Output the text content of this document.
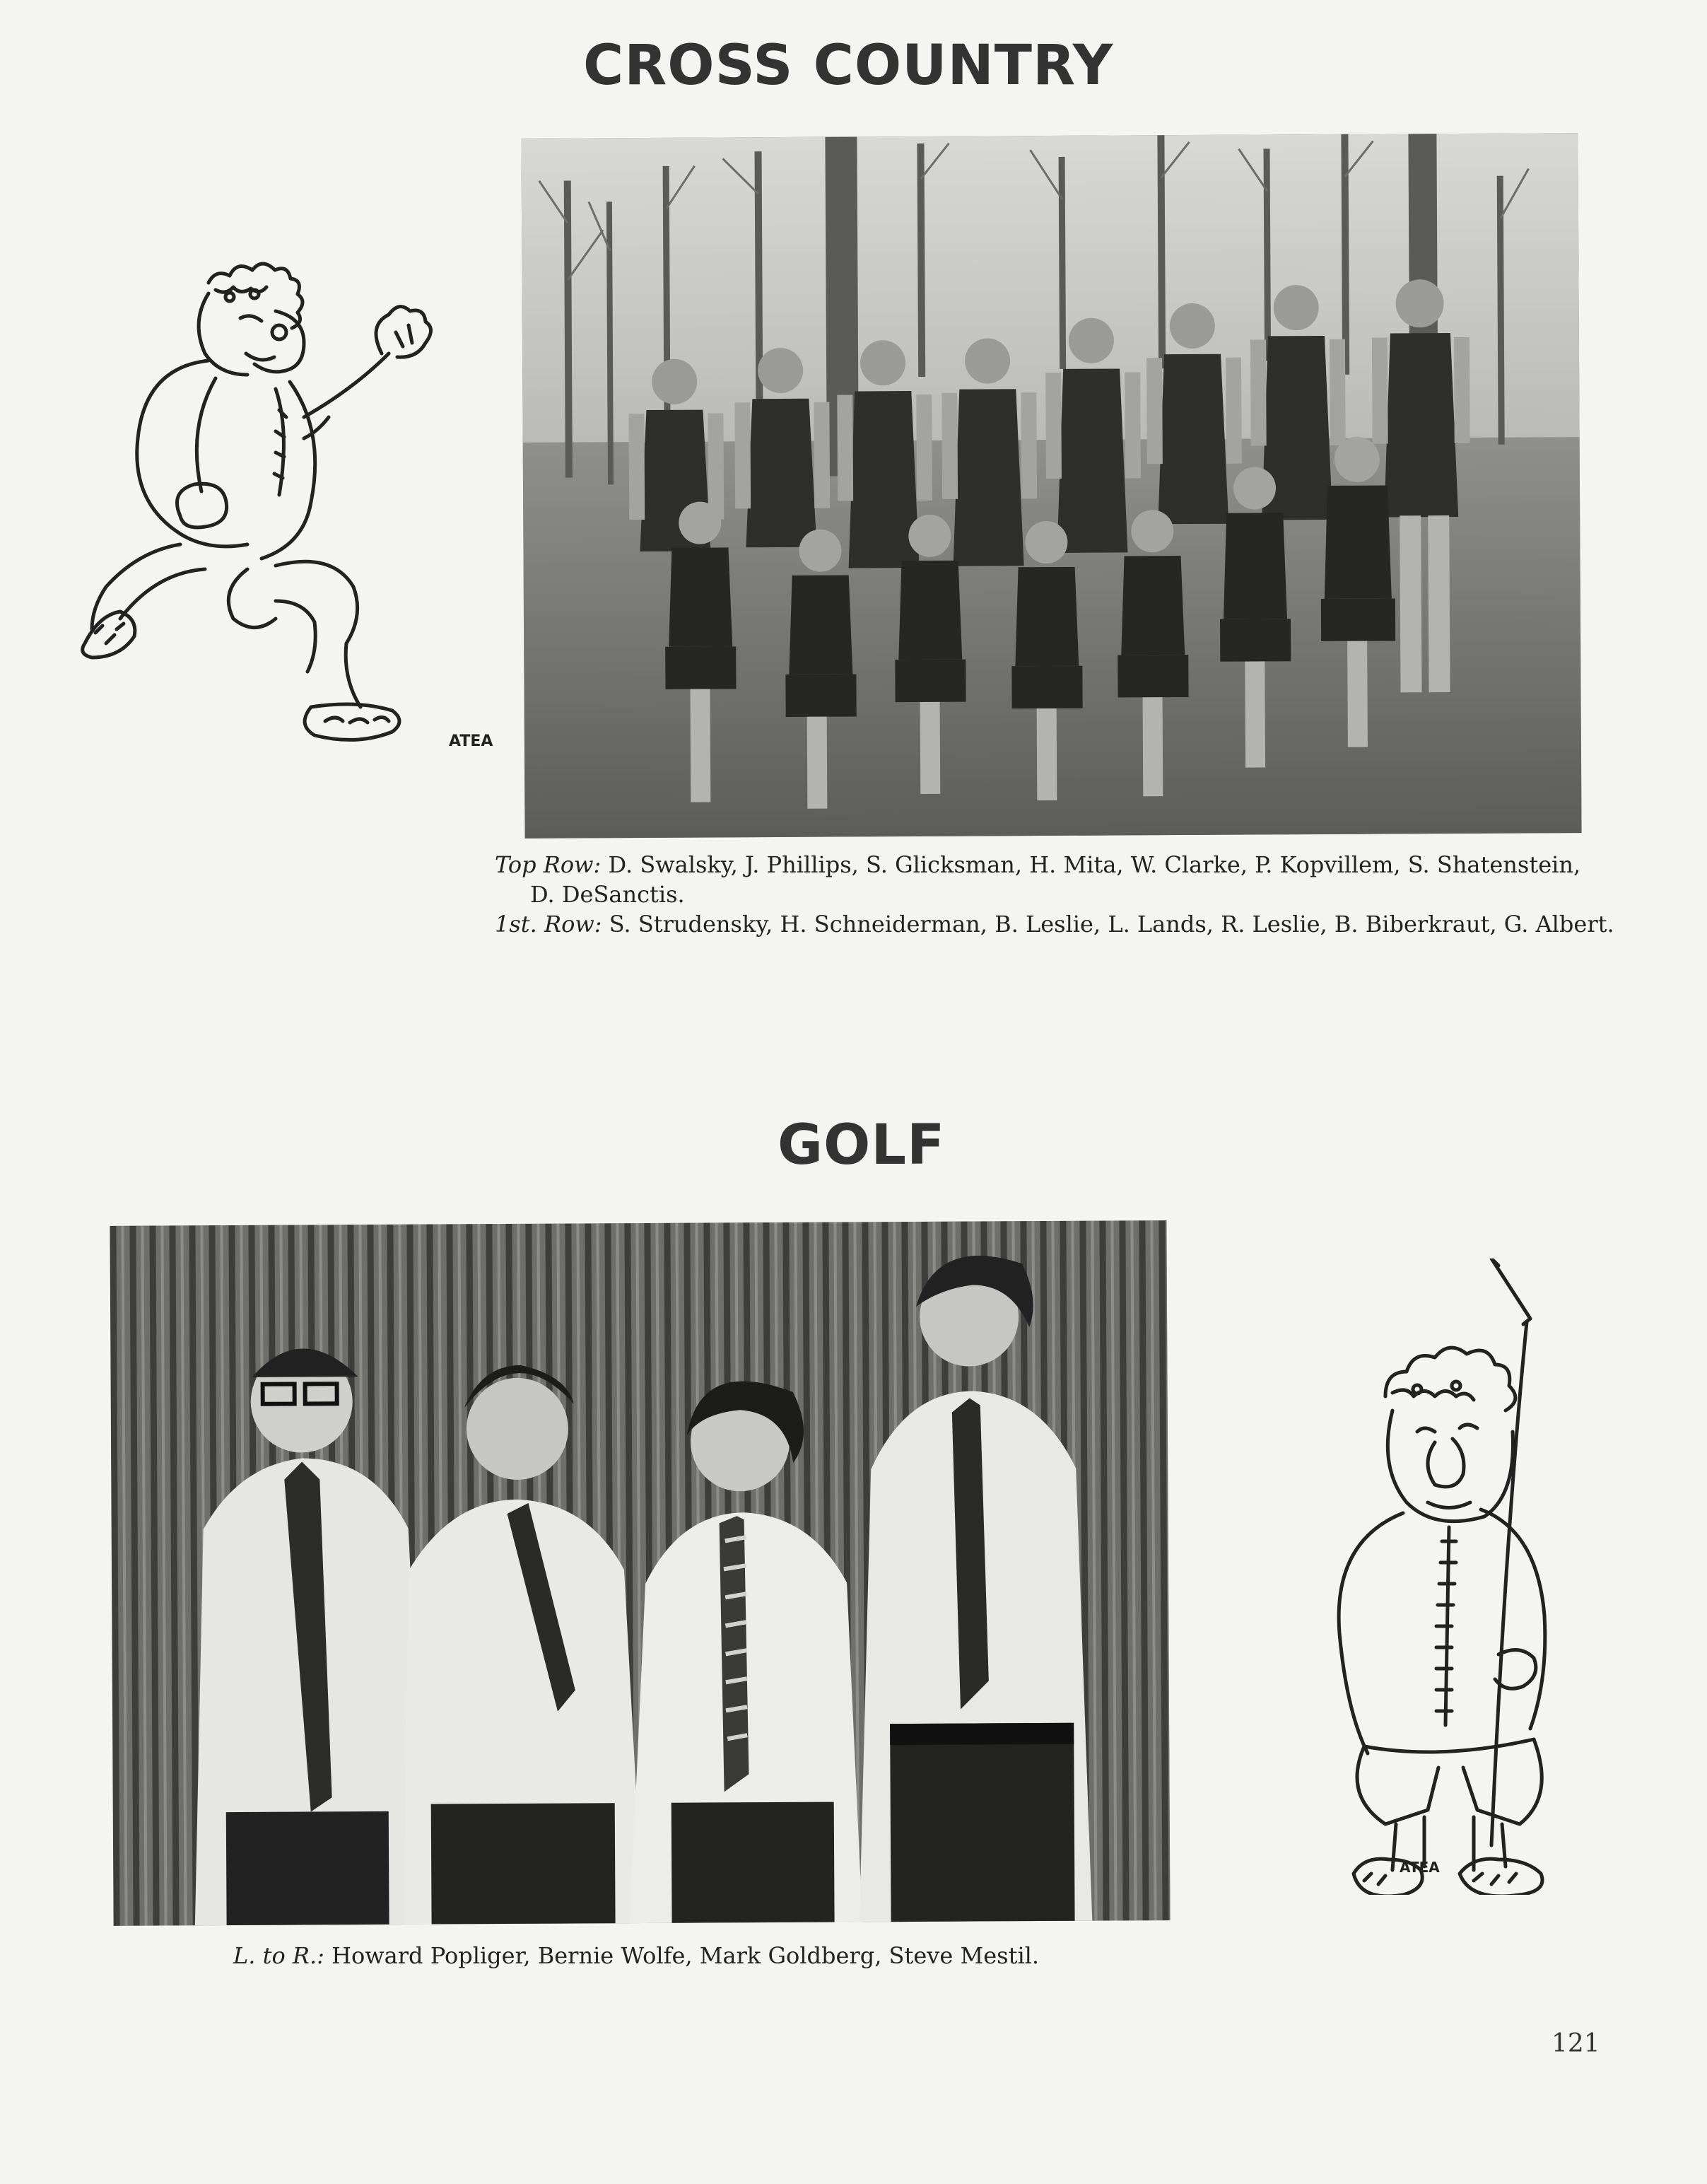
CROSS COUNTRY
ATEA
Top Row: D. Swalsky, J. Phillips, S. Glicksman, H. Mita, W. Clarke, P. Kopvillem, S. Shatenstein,
D. DeSanctis.
1st. Row: S. Strudensky, H. Schneiderman, B. Leslie, L. Lands, R. Leslie, B. Biberkraut, G. Albert.
GOLF
ATEA
L. to R.: Howard Popliger, Bernie Wolfe, Mark Goldberg, Steve Mestil.
121
